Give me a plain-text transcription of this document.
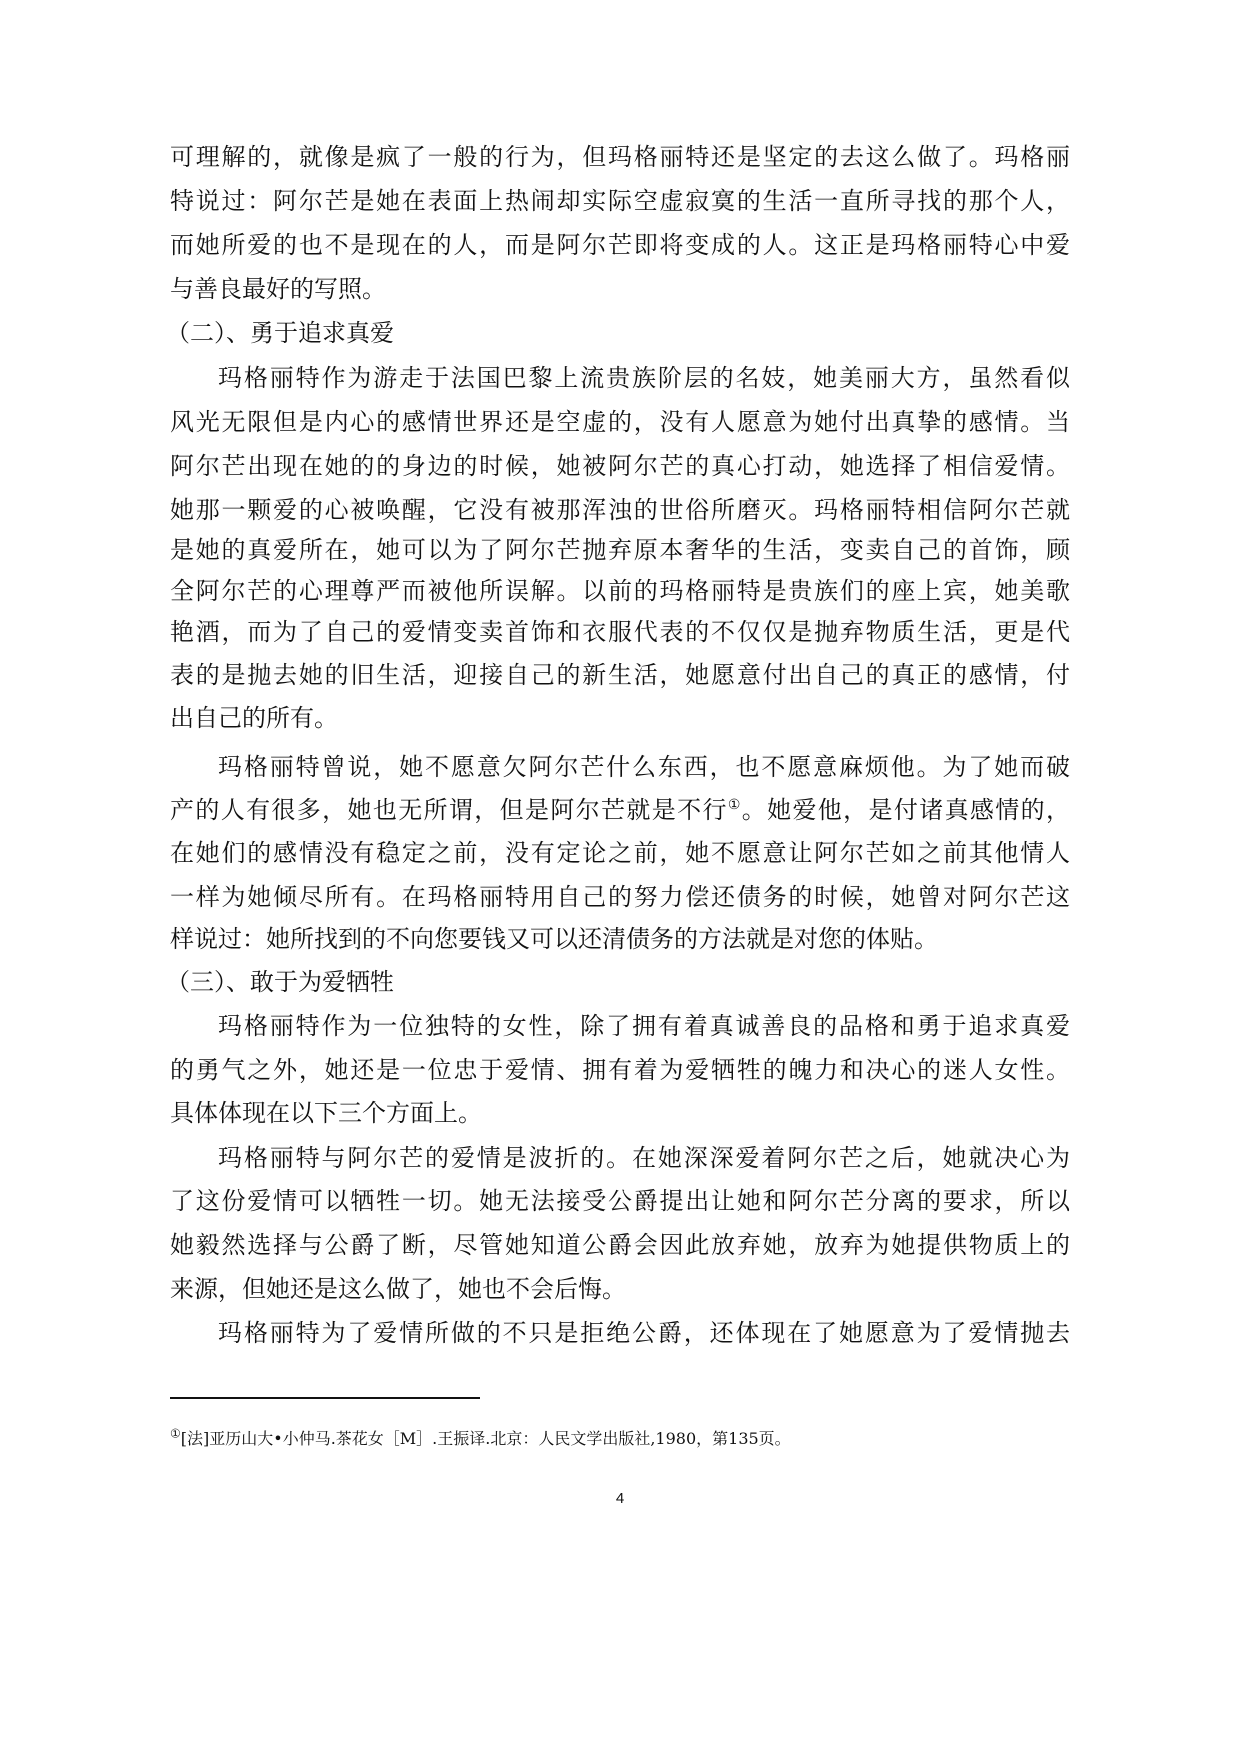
可理解的，就像是疯了一般的行为，但玛格丽特还是坚定的去这么做了。玛格丽
特说过：阿尔芒是她在表面上热闹却实际空虚寂寞的生活一直所寻找的那个人，
而她所爱的也不是现在的人，而是阿尔芒即将变成的人。这正是玛格丽特心中爱
与善良最好的写照。
（二）、勇于追求真爱
玛格丽特作为游走于法国巴黎上流贵族阶层的名妓，她美丽大方，虽然看似
风光无限但是内心的感情世界还是空虚的，没有人愿意为她付出真挚的感情。当
阿尔芒出现在她的的身边的时候，她被阿尔芒的真心打动，她选择了相信爱情。
她那一颗爱的心被唤醒，它没有被那浑浊的世俗所磨灭。玛格丽特相信阿尔芒就
是她的真爱所在，她可以为了阿尔芒抛弃原本奢华的生活，变卖自己的首饰，顾
全阿尔芒的心理尊严而被他所误解。以前的玛格丽特是贵族们的座上宾，她美歌
艳酒，而为了自己的爱情变卖首饰和衣服代表的不仅仅是抛弃物质生活，更是代
表的是抛去她的旧生活，迎接自己的新生活，她愿意付出自己的真正的感情，付
出自己的所有。
玛格丽特曾说，她不愿意欠阿尔芒什么东西，也不愿意麻烦他。为了她而破
产的人有很多，她也无所谓，但是阿尔芒就是不行①。她爱他，是付诸真感情的，
在她们的感情没有稳定之前，没有定论之前，她不愿意让阿尔芒如之前其他情人
一样为她倾尽所有。在玛格丽特用自己的努力偿还债务的时候，她曾对阿尔芒这
样说过：她所找到的不向您要钱又可以还清债务的方法就是对您的体贴。
（三）、敢于为爱牺牲
玛格丽特作为一位独特的女性，除了拥有着真诚善良的品格和勇于追求真爱
的勇气之外，她还是一位忠于爱情、拥有着为爱牺牲的魄力和决心的迷人女性。
具体体现在以下三个方面上。
玛格丽特与阿尔芒的爱情是波折的。在她深深爱着阿尔芒之后，她就决心为
了这份爱情可以牺牲一切。她无法接受公爵提出让她和阿尔芒分离的要求，所以
她毅然选择与公爵了断，尽管她知道公爵会因此放弃她，放弃为她提供物质上的
来源，但她还是这么做了，她也不会后悔。
玛格丽特为了爱情所做的不只是拒绝公爵，还体现在了她愿意为了爱情抛去
①[法]亚历山大•小仲马.茶花女［M］.王振译.北京：人民文学出版社,1980，第135页。
4
